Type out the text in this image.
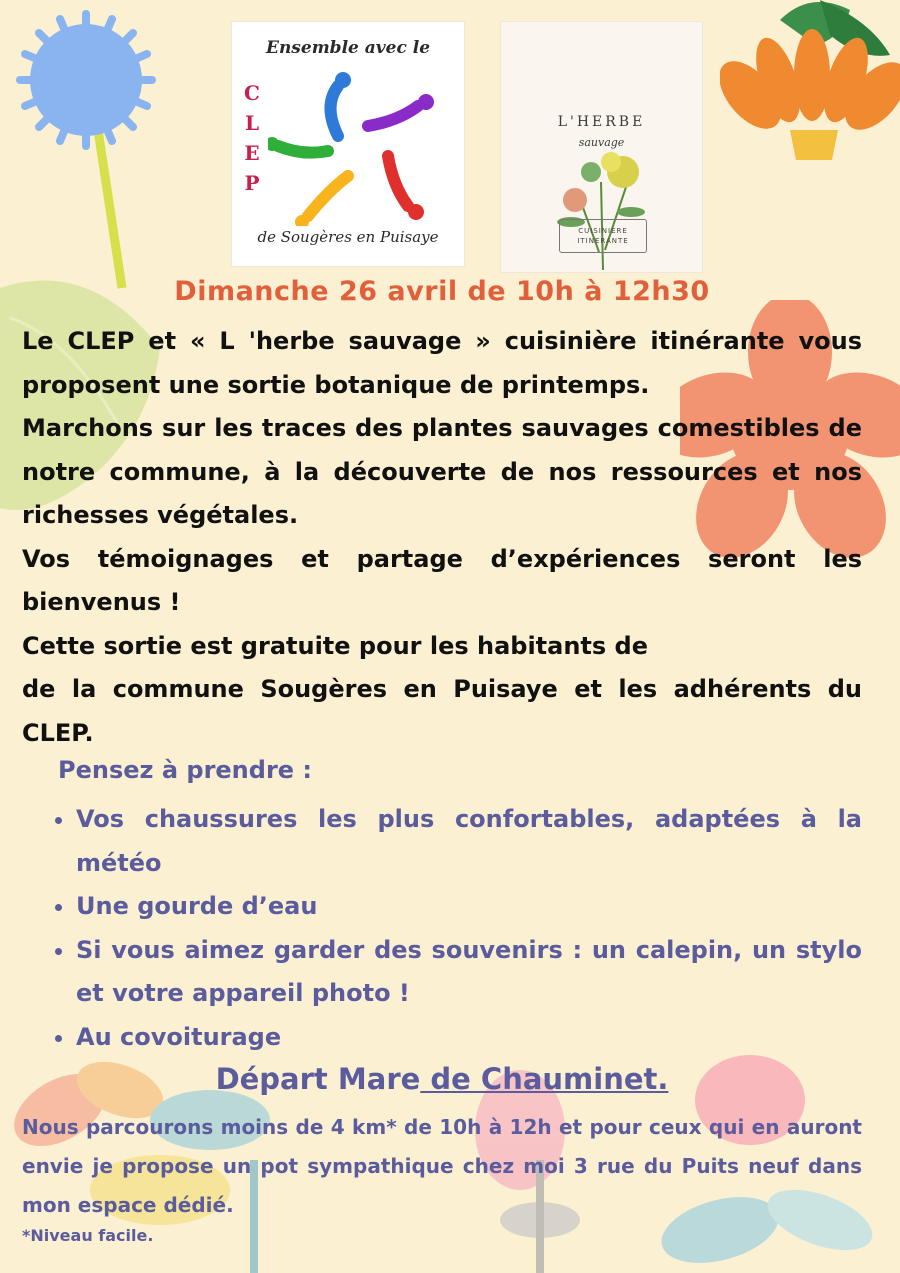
Ensemble avec le
CLEP
de Sougères en Puisaye
L'HERBE
sauvage
CUISINIERE
ITINERANTE
Dimanche 26 avril de 10h à 12h30

Le CLEP et « L 'herbe sauvage » cuisinière itinérante vous proposent une sortie botanique de printemps.

Marchons sur les traces des plantes sauvages comestibles de notre commune, à la découverte de nos ressources et nos richesses végétales.

Vos témoignages et partage d’expériences seront les bienvenus !

Cette sortie est gratuite pour les habitants de

de la commune Sougères en Puisaye et les adhérents du CLEP.

Pensez à prendre :
• Vos chaussures les plus confortables, adaptées à la météo
• Une gourde d’eau
• Si vous aimez garder des souvenirs : un calepin, un stylo et votre appareil photo !
• Au covoiturage
Départ Mare de Chauminet.
Nous parcourons moins de 4 km* de 10h à 12h et pour ceux qui en auront envie je propose un pot sympathique chez moi 3 rue du Puits neuf dans mon espace dédié.
*Niveau facile.
